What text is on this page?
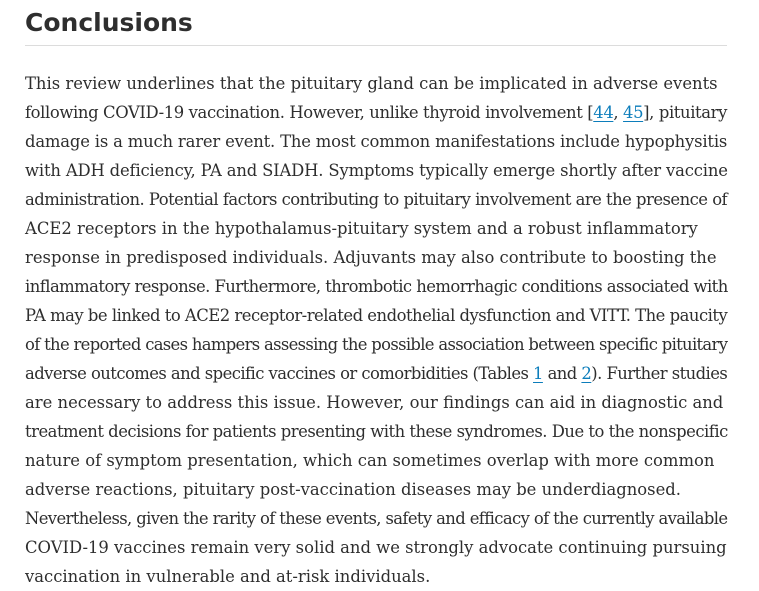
Conclusions

This review underlines that the pituitary gland can be implicated in adverse events
following COVID-19 vaccination. However, unlike thyroid involvement [44, 45], pituitary
damage is a much rarer event. The most common manifestations include hypophysitis
with ADH deficiency, PA and SIADH. Symptoms typically emerge shortly after vaccine
administration. Potential factors contributing to pituitary involvement are the presence of
ACE2 receptors in the hypothalamus-pituitary system and a robust inflammatory
response in predisposed individuals. Adjuvants may also contribute to boosting the
inflammatory response. Furthermore, thrombotic hemorrhagic conditions associated with
PA may be linked to ACE2 receptor-related endothelial dysfunction and VITT. The paucity
of the reported cases hampers assessing the possible association between specific pituitary
adverse outcomes and specific vaccines or comorbidities (Tables 1 and 2). Further studies
are necessary to address this issue. However, our findings can aid in diagnostic and
treatment decisions for patients presenting with these syndromes. Due to the nonspecific
nature of symptom presentation, which can sometimes overlap with more common
adverse reactions, pituitary post-vaccination diseases may be underdiagnosed.
Nevertheless, given the rarity of these events, safety and efficacy of the currently available
COVID-19 vaccines remain very solid and we strongly advocate continuing pursuing
vaccination in vulnerable and at-risk individuals.
